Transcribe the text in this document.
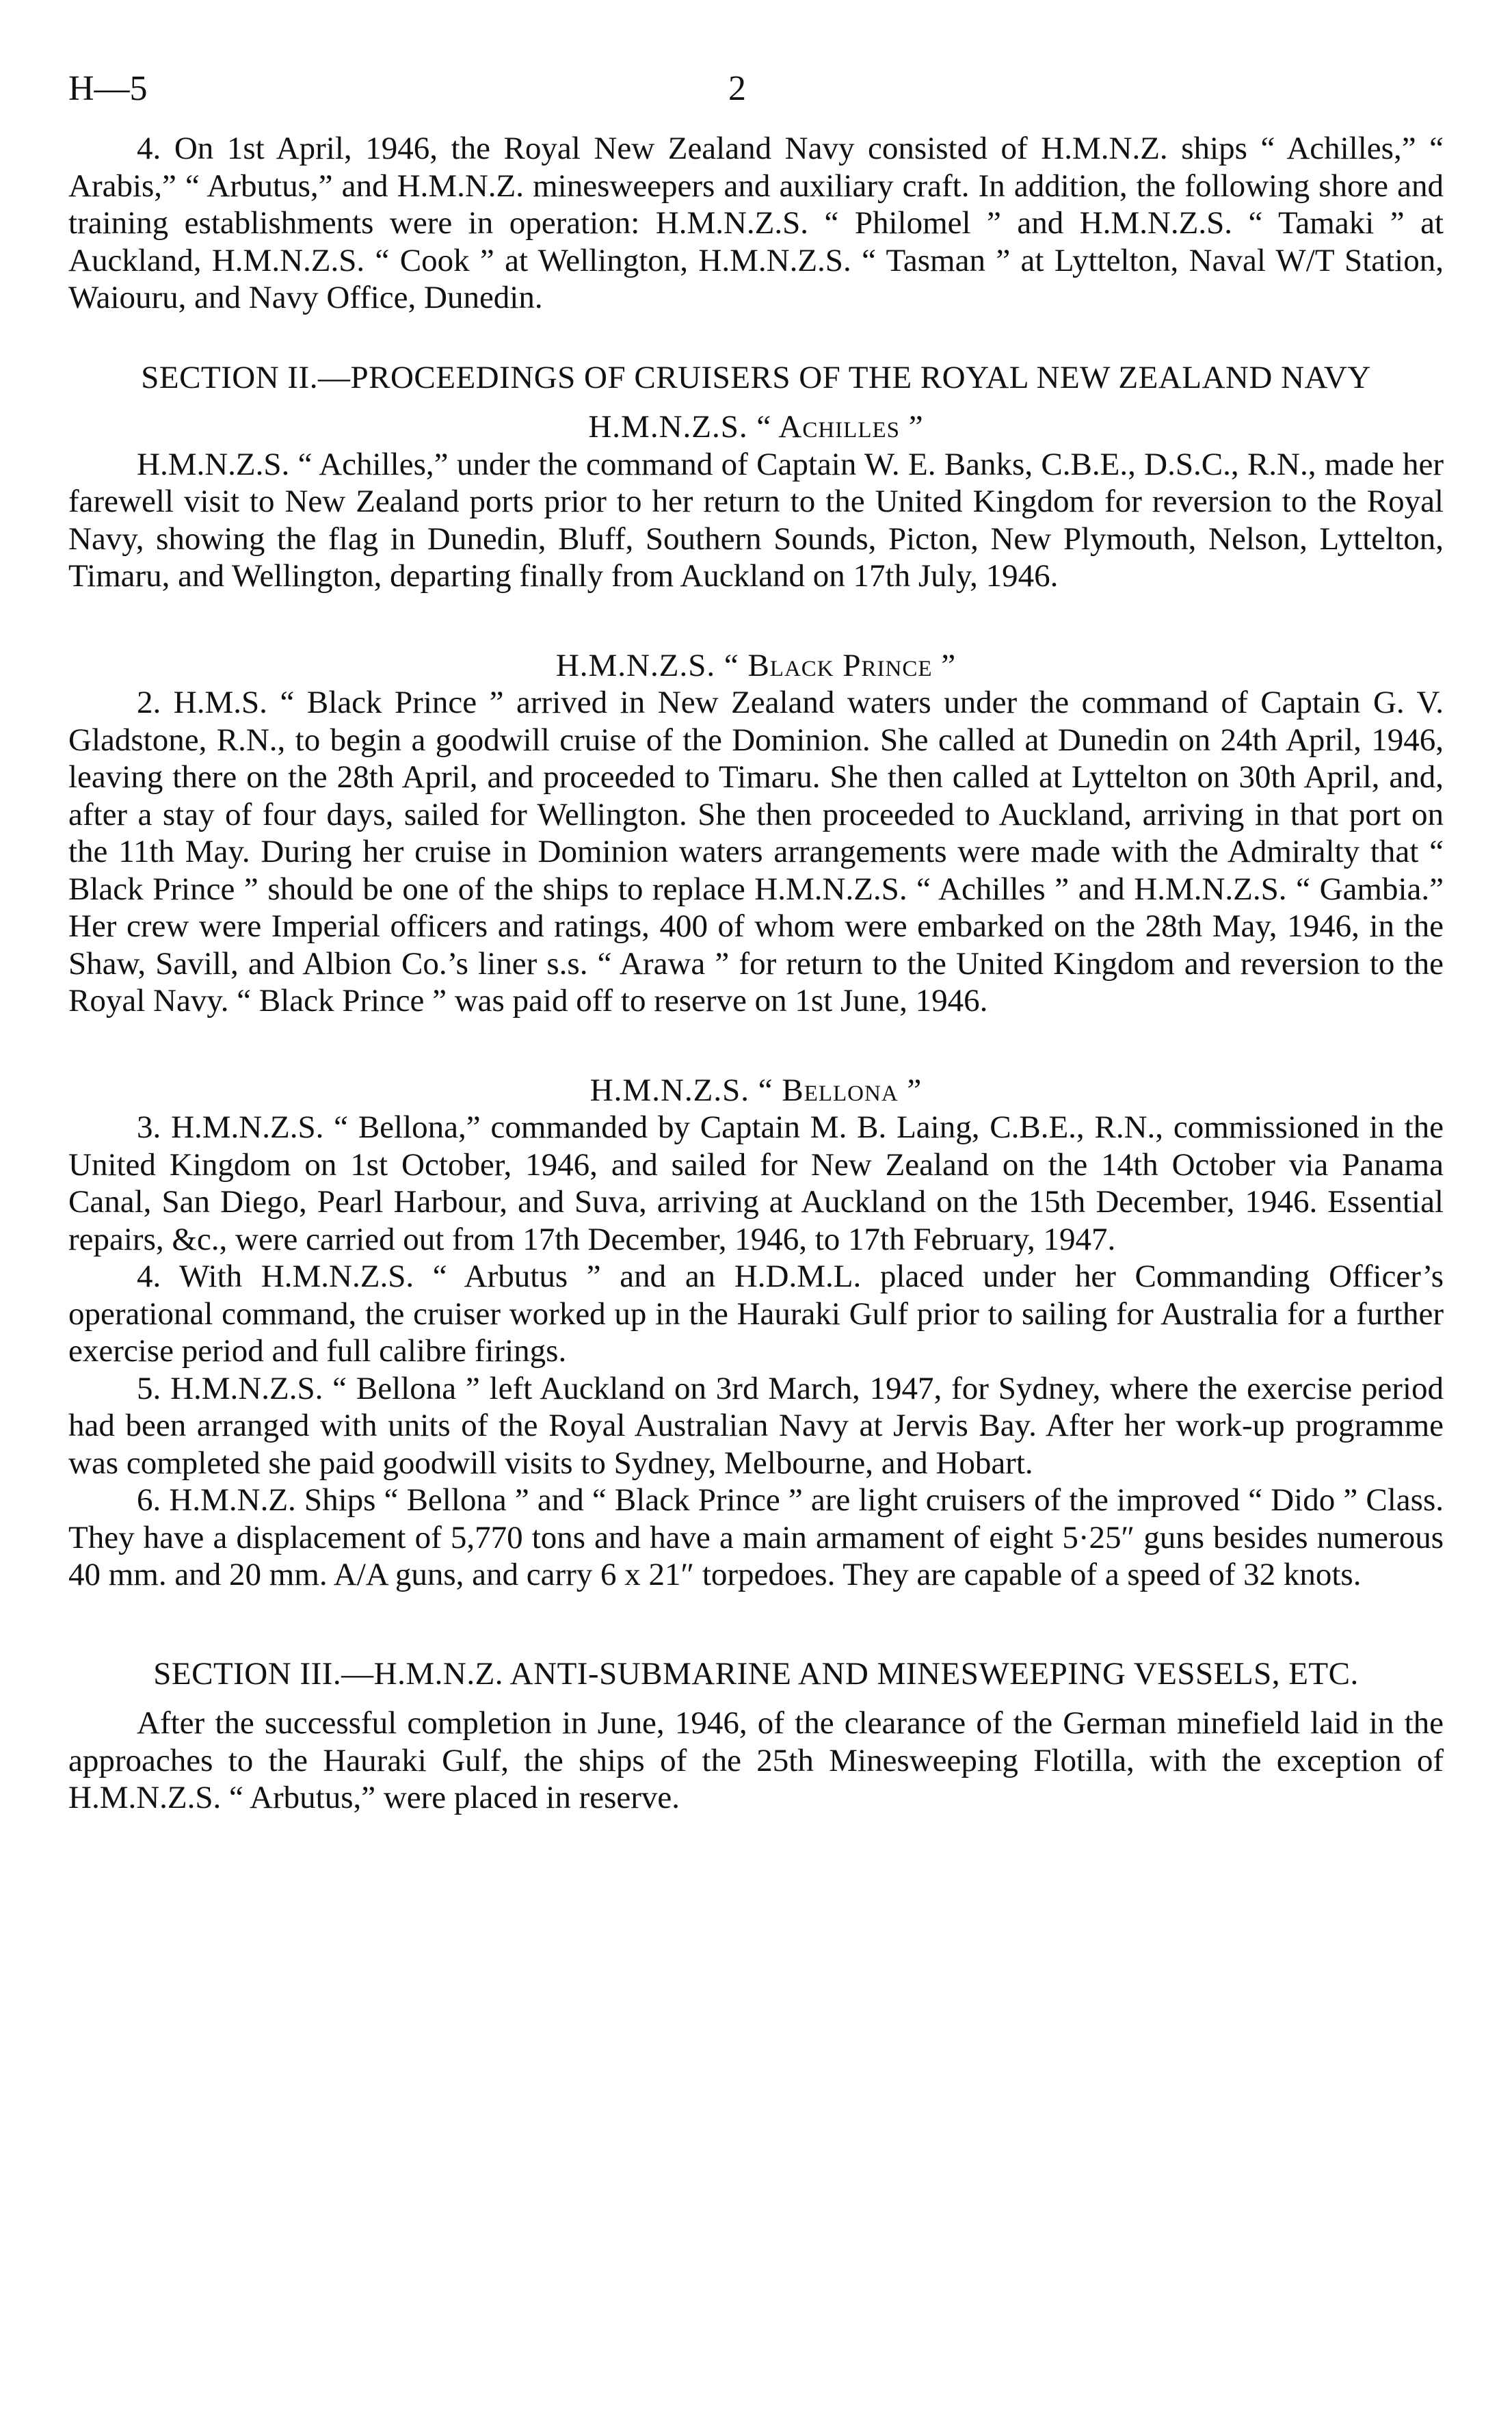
H—5	2

4. On 1st April, 1946, the Royal New Zealand Navy consisted of H.M.N.Z. ships “ Achilles,” “ Arabis,” “ Arbutus,” and H.M.N.Z. minesweepers and auxiliary craft. In addition, the following shore and training establishments were in operation: H.M.N.Z.S. “ Philomel ” and H.M.N.Z.S. “ Tamaki ” at Auckland, H.M.N.Z.S. “ Cook ” at Wellington, H.M.N.Z.S. “ Tasman ” at Lyttelton, Naval W/T Station, Waiouru, and Navy Office, Dunedin.

SECTION II.—PROCEEDINGS OF CRUISERS OF THE ROYAL NEW ZEALAND NAVY
H.M.N.Z.S. “ Achilles ”

H.M.N.Z.S. “ Achilles,” under the command of Captain W. E. Banks, C.B.E., D.S.C., R.N., made her farewell visit to New Zealand ports prior to her return to the United Kingdom for reversion to the Royal Navy, showing the flag in Dunedin, Bluff, Southern Sounds, Picton, New Plymouth, Nelson, Lyttelton, Timaru, and Wellington, departing finally from Auckland on 17th July, 1946.

H.M.N.Z.S. “ Black Prince ”

2. H.M.S. “ Black Prince ” arrived in New Zealand waters under the command of Captain G. V. Gladstone, R.N., to begin a goodwill cruise of the Dominion. She called at Dunedin on 24th April, 1946, leaving there on the 28th April, and proceeded to Timaru. She then called at Lyttelton on 30th April, and, after a stay of four days, sailed for Wellington. She then proceeded to Auckland, arriving in that port on the 11th May. During her cruise in Dominion waters arrangements were made with the Admiralty that “ Black Prince ” should be one of the ships to replace H.M.N.Z.S. “ Achilles ” and H.M.N.Z.S. “ Gambia.” Her crew were Imperial officers and ratings, 400 of whom were embarked on the 28th May, 1946, in the Shaw, Savill, and Albion Co.’s liner s.s. “ Arawa ” for return to the United Kingdom and reversion to the Royal Navy. “ Black Prince ” was paid off to reserve on 1st June, 1946.

H.M.N.Z.S. “ Bellona ”

3. H.M.N.Z.S. “ Bellona,” commanded by Captain M. B. Laing, C.B.E., R.N., commissioned in the United Kingdom on 1st October, 1946, and sailed for New Zealand on the 14th October via Panama Canal, San Diego, Pearl Harbour, and Suva, arriving at Auckland on the 15th December, 1946. Essential repairs, &c., were carried out from 17th December, 1946, to 17th February, 1947.

4. With H.M.N.Z.S. “ Arbutus ” and an H.D.M.L. placed under her Commanding Officer’s operational command, the cruiser worked up in the Hauraki Gulf prior to sailing for Australia for a further exercise period and full calibre firings.

5. H.M.N.Z.S. “ Bellona ” left Auckland on 3rd March, 1947, for Sydney, where the exercise period had been arranged with units of the Royal Australian Navy at Jervis Bay. After her work-up programme was completed she paid goodwill visits to Sydney, Melbourne, and Hobart.

6. H.M.N.Z. Ships “ Bellona ” and “ Black Prince ” are light cruisers of the improved “ Dido ” Class. They have a displacement of 5,770 tons and have a main armament of eight 5·25″ guns besides numerous 40 mm. and 20 mm. A/A guns, and carry 6 x 21″ torpedoes. They are capable of a speed of 32 knots.

SECTION III.—H.M.N.Z. ANTI-SUBMARINE AND MINESWEEPING VESSELS, ETC.

After the successful completion in June, 1946, of the clearance of the German minefield laid in the approaches to the Hauraki Gulf, the ships of the 25th Minesweeping Flotilla, with the exception of H.M.N.Z.S. “ Arbutus,” were placed in reserve.
